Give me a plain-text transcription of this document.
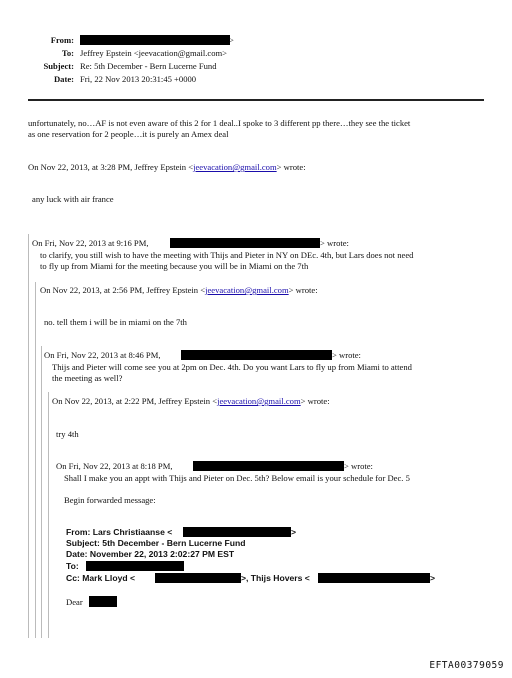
From:	>
To: Jeffrey Epstein <jeevacation@gmail.com>
Subject: Re: 5th December - Bern Lucerne Fund
Date: Fri, 22 Nov 2013 20:31:45 +0000
unfortunately, no…AF is not even aware of this 2 for 1 deal..I spoke to 3 different pp there…they see the ticket
as one reservation for 2 people…it is purely an Amex deal
On Nov 22, 2013, at 3:28 PM, Jeffrey Epstein <jeevacation@gmail.com> wrote:
any luck with air france
On Fri, Nov 22, 2013 at 9:16 PM,	> wrote:
to clarify, you still wish to have the meeting with Thijs and Pieter in NY on DEc. 4th, but Lars does not need
to fly up from Miami for the meeting because you will be in Miami on the 7th
On Nov 22, 2013, at 2:56 PM, Jeffrey Epstein <jeevacation@gmail.com> wrote:
no. tell them i will be in miami on the 7th
On Fri, Nov 22, 2013 at 8:46 PM,	> wrote:
Thijs and Pieter will come see you at 2pm on Dec. 4th. Do you want Lars to fly up from Miami to attend
the meeting as well?
On Nov 22, 2013, at 2:22 PM, Jeffrey Epstein <jeevacation@gmail.com> wrote:
try 4th
On Fri, Nov 22, 2013 at 8:18 PM,	> wrote:
Shall I make you an appt with Thijs and Pieter on Dec. 5th? Below email is your schedule for Dec. 5
Begin forwarded message:
From: Lars Christiaanse <	>
Subject: 5th December - Bern Lucerne Fund
Date: November 22, 2013 2:02:27 PM EST
To:
Cc: Mark Lloyd <	>, Thijs Hovers <	>
Dear
EFTA00379059
